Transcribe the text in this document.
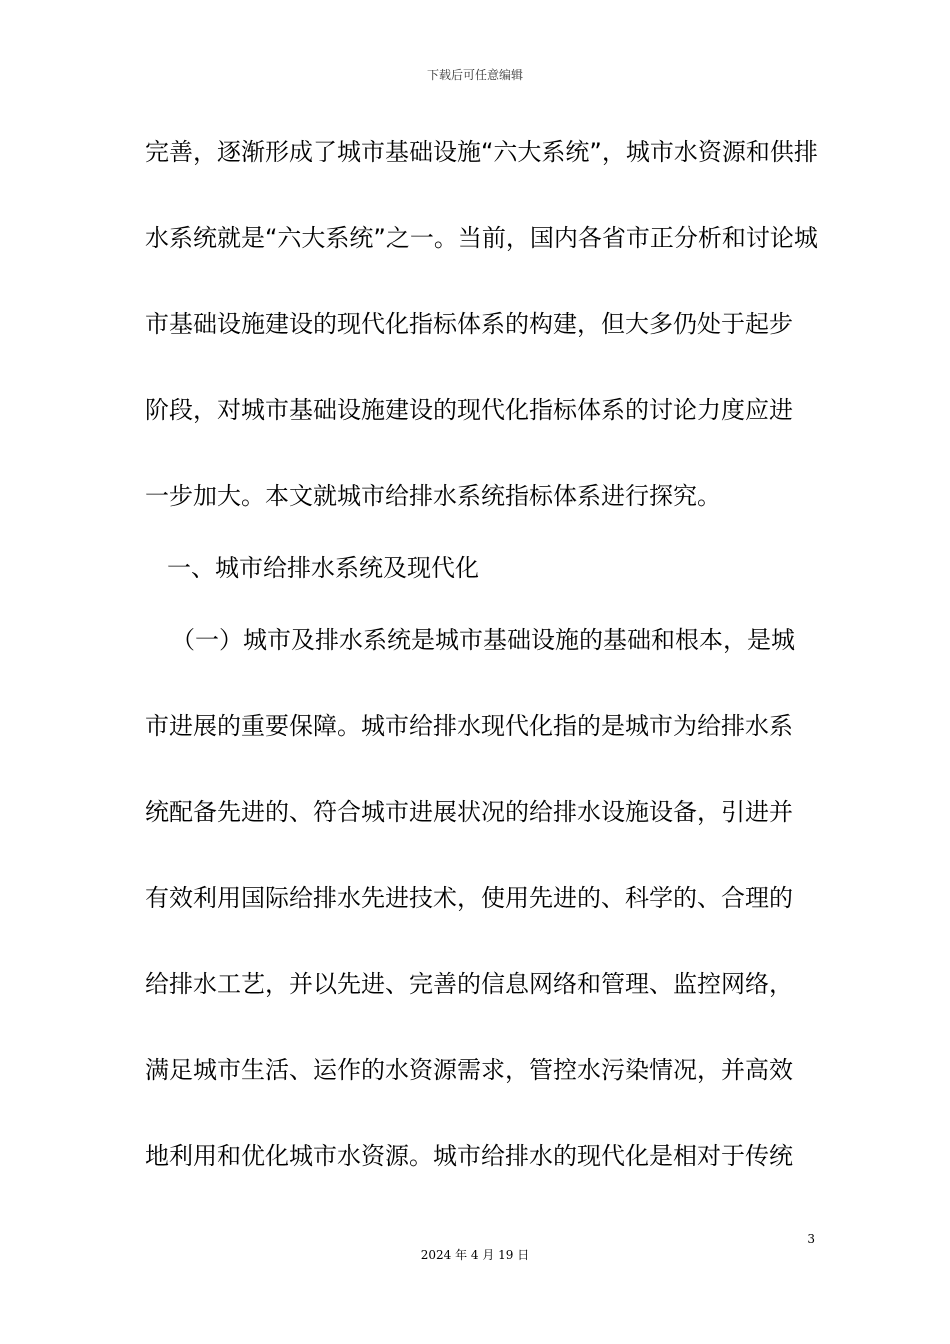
下载后可任意编辑
完善，逐渐形成了城市基础设施“六大系统”，城市水资源和供排
水系统就是“六大系统”之一。当前，国内各省市正分析和讨论城
市基础设施建设的现代化指标体系的构建，但大多仍处于起步
阶段，对城市基础设施建设的现代化指标体系的讨论力度应进
一步加大。本文就城市给排水系统指标体系进行探究。
一、城市给排水系统及现代化
（一）城市及排水系统是城市基础设施的基础和根本，是城
市进展的重要保障。城市给排水现代化指的是城市为给排水系
统配备先进的、符合城市进展状况的给排水设施设备，引进并
有效利用国际给排水先进技术，使用先进的、科学的、合理的
给排水工艺，并以先进、完善的信息网络和管理、监控网络，
满足城市生活、运作的水资源需求，管控水污染情况，并高效
地利用和优化城市水资源。城市给排水的现代化是相对于传统
3
2024 年 4 月 19 日
